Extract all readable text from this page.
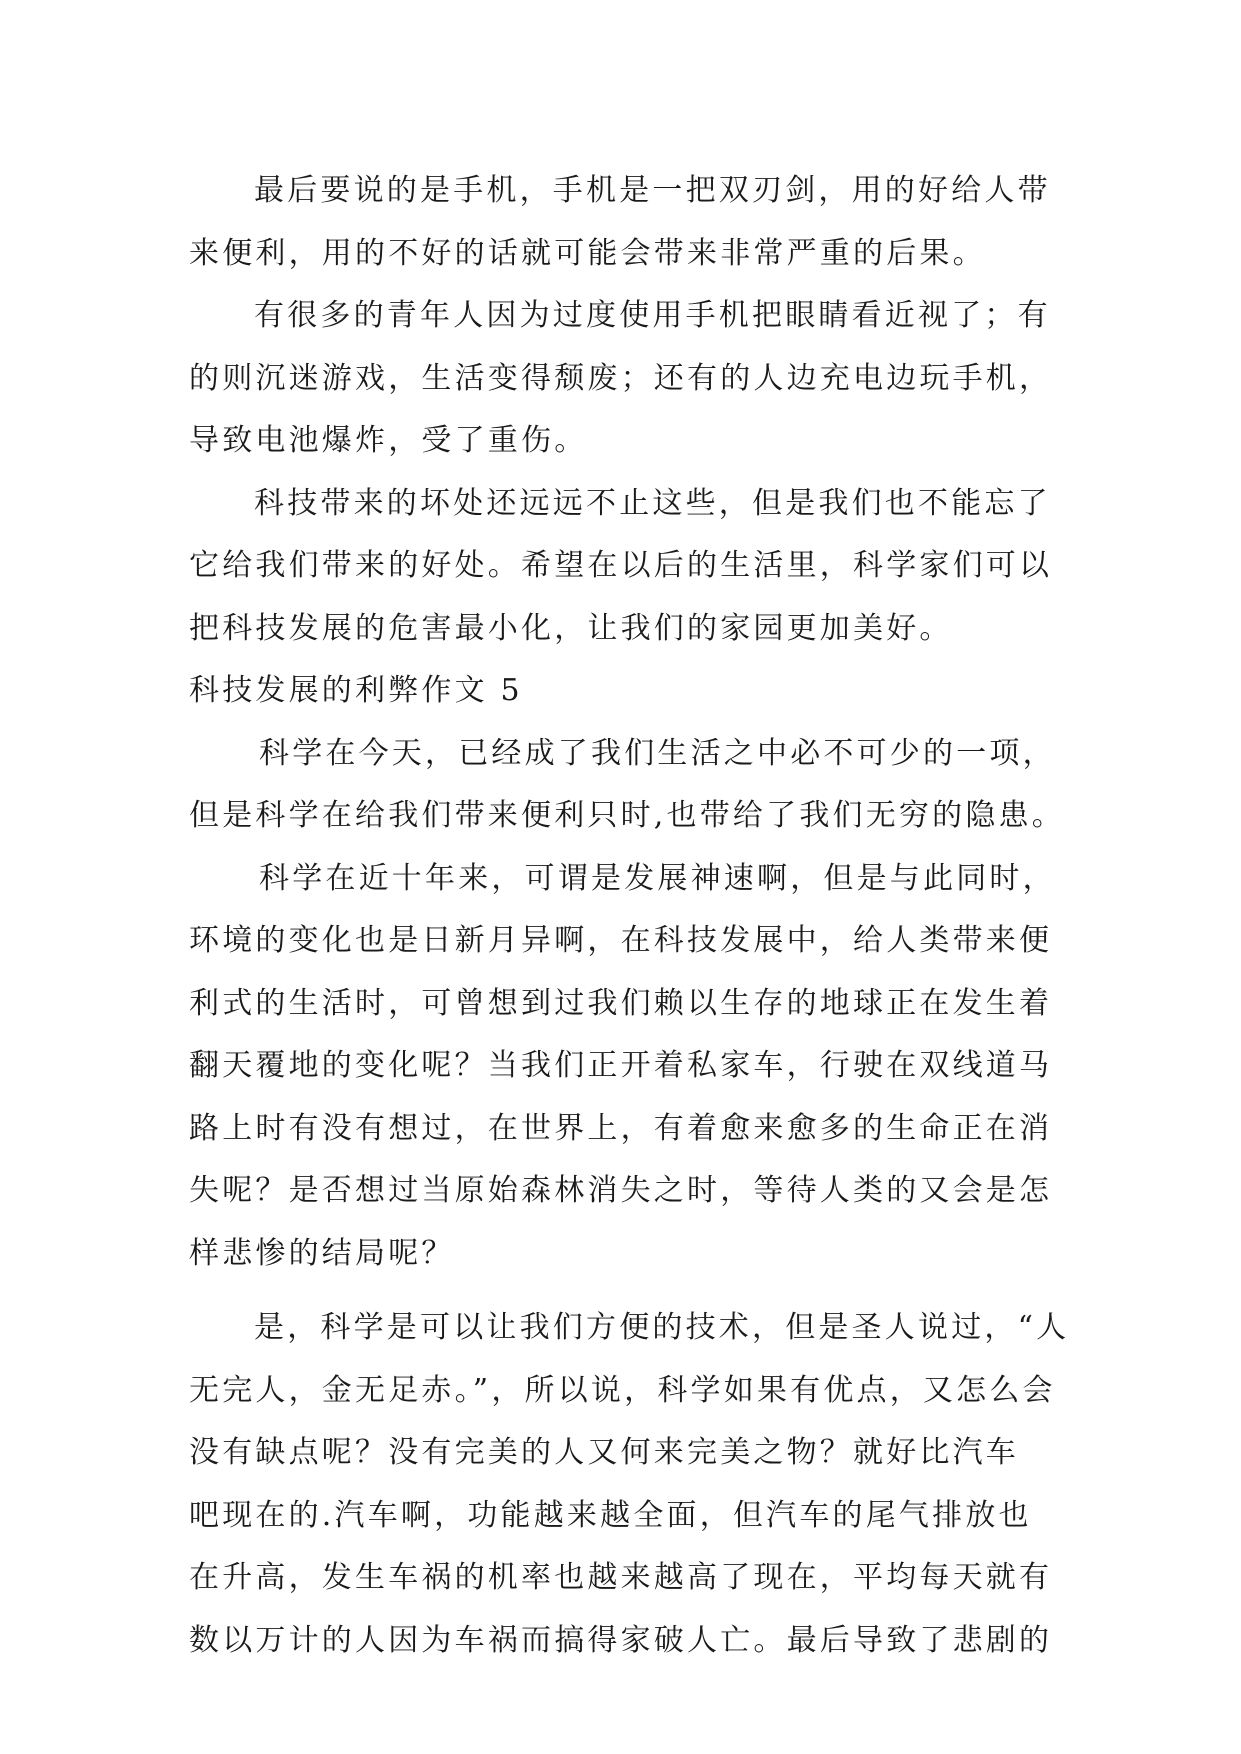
最后要说的是手机，手机是一把双刃剑，用的好给人带
来便利，用的不好的话就可能会带来非常严重的后果。
有很多的青年人因为过度使用手机把眼睛看近视了；有
的则沉迷游戏，生活变得颓废；还有的人边充电边玩手机，
导致电池爆炸，受了重伤。
科技带来的坏处还远远不止这些，但是我们也不能忘了
它给我们带来的好处。希望在以后的生活里，科学家们可以
把科技发展的危害最小化，让我们的家园更加美好。
科技发展的利弊作文 5
科学在今天，已经成了我们生活之中必不可少的一项，
但是科学在给我们带来便利只时,也带给了我们无穷的隐患。
科学在近十年来，可谓是发展神速啊，但是与此同时，
环境的变化也是日新月异啊，在科技发展中，给人类带来便
利式的生活时，可曾想到过我们赖以生存的地球正在发生着
翻天覆地的变化呢？当我们正开着私家车，行驶在双线道马
路上时有没有想过，在世界上，有着愈来愈多的生命正在消
失呢？是否想过当原始森林消失之时，等待人类的又会是怎
样悲惨的结局呢？
是，科学是可以让我们方便的技术，但是圣人说过，“人
无完人，金无足赤。”，所以说，科学如果有优点，又怎么会
没有缺点呢？没有完美的人又何来完美之物？就好比汽车
吧现在的.汽车啊，功能越来越全面，但汽车的尾气排放也
在升高，发生车祸的机率也越来越高了现在，平均每天就有
数以万计的人因为车祸而搞得家破人亡。最后导致了悲剧的
